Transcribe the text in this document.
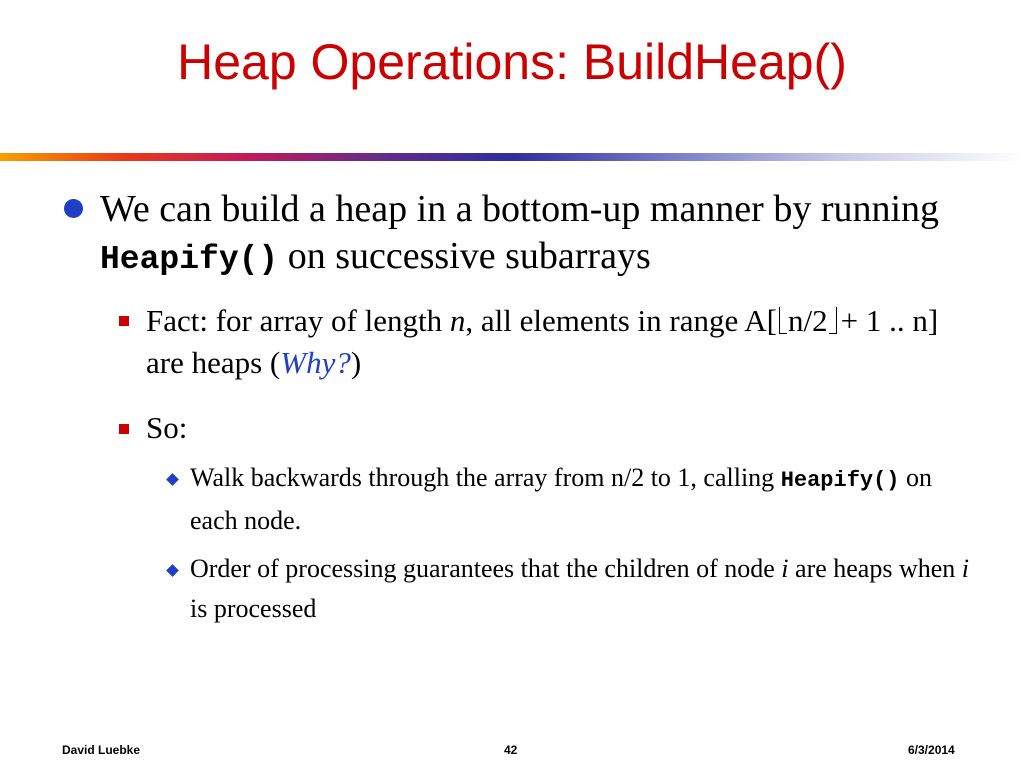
Heap Operations: BuildHeap()
We can build a heap in a bottom-up manner by running Heapify() on successive subarrays
Fact: for array of length n, all elements in range A[ n/2 + 1 .. n] are heaps (Why?)
So:
Walk backwards through the array from n/2 to 1, calling Heapify() on each node.
Order of processing guarantees that the children of node i are heaps when i is processed
David Luebke	42	6/3/2014
